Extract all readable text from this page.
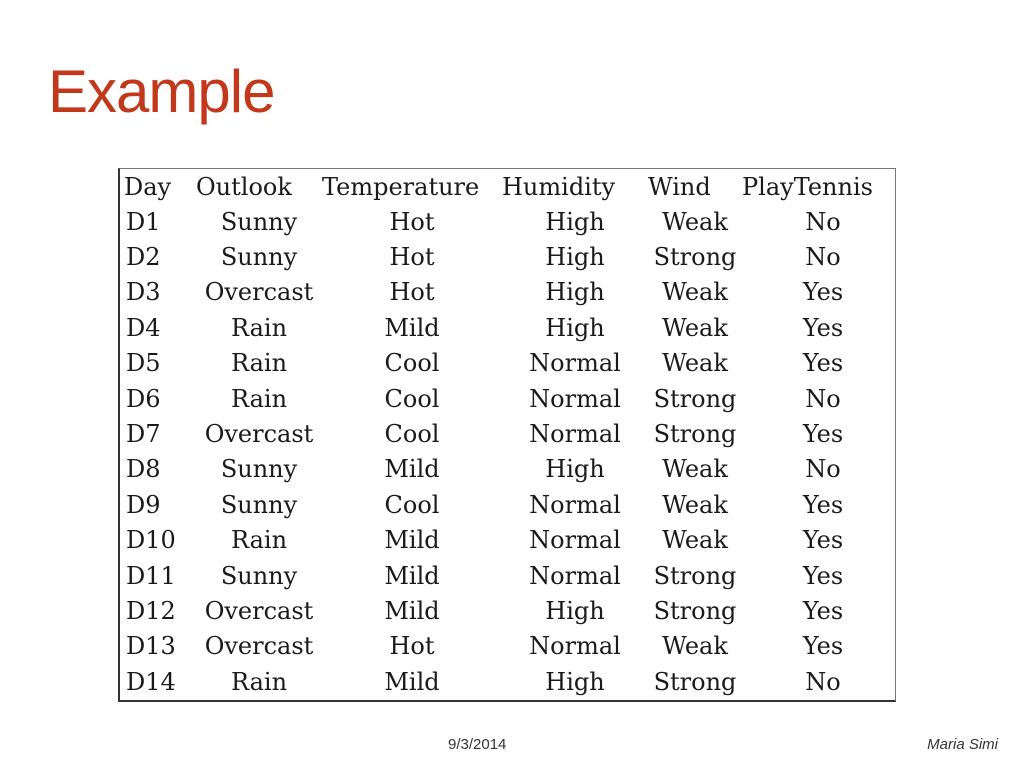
Example
Day	Outlook	Temperature	Humidity	Wind	PlayTennis
D1	Sunny	Hot	High	Weak	No
D2	Sunny	Hot	High	Strong	No
D3	Overcast	Hot	High	Weak	Yes
D4	Rain	Mild	High	Weak	Yes
D5	Rain	Cool	Normal	Weak	Yes
D6	Rain	Cool	Normal	Strong	No
D7	Overcast	Cool	Normal	Strong	Yes
D8	Sunny	Mild	High	Weak	No
D9	Sunny	Cool	Normal	Weak	Yes
D10	Rain	Mild	Normal	Weak	Yes
D11	Sunny	Mild	Normal	Strong	Yes
D12	Overcast	Mild	High	Strong	Yes
D13	Overcast	Hot	Normal	Weak	Yes
D14	Rain	Mild	High	Strong	No
9/3/2014	Maria Simi
